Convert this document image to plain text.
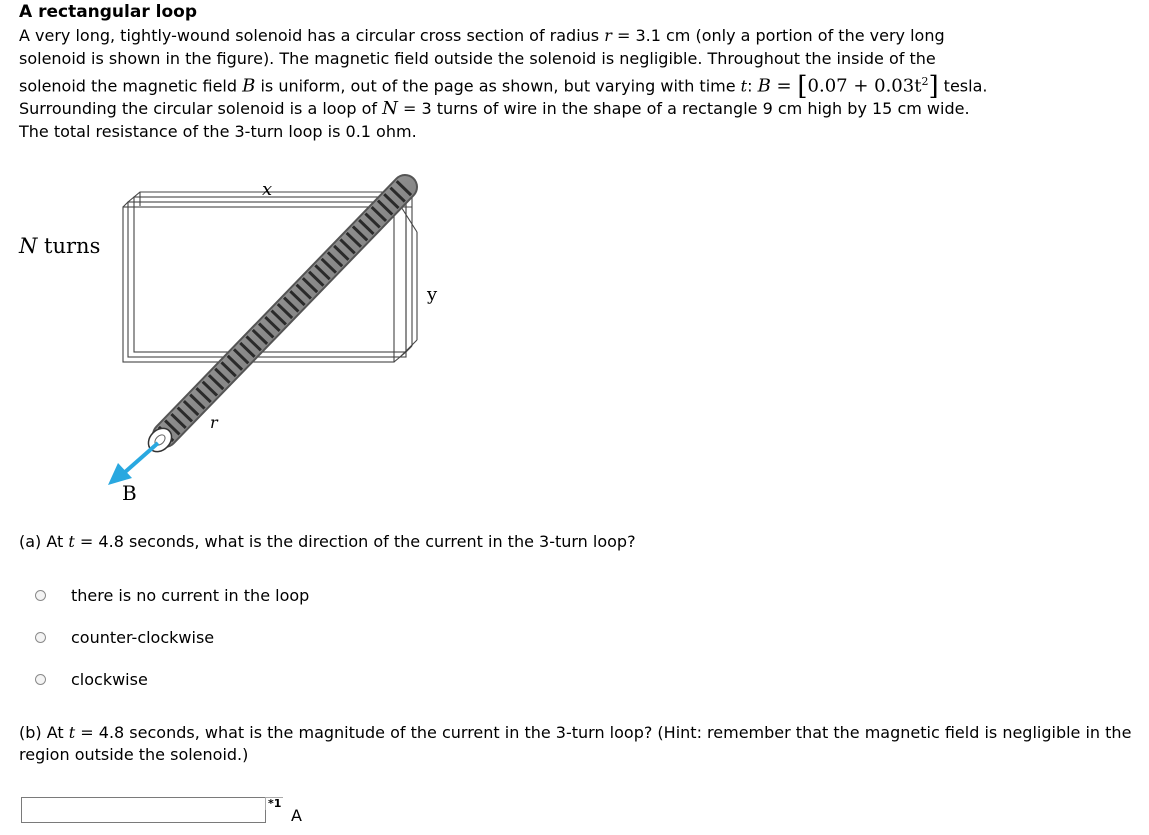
A rectangular loop
A very long, tightly-wound solenoid has a circular cross section of radius r = 3.1 cm (only a portion of the very long
solenoid is shown in the figure). The magnetic field outside the solenoid is negligible. Throughout the inside of the
solenoid the magnetic field B is uniform, out of the page as shown, but varying with time t: $B = [0.07 + 0.03t^2]$ tesla.
Surrounding the circular solenoid is a loop of N = 3 turns of wire in the shape of a rectangle 9 cm high by 15 cm wide.
The total resistance of the 3-turn loop is 0.1 ohm.
x
y
r
B
N turns
(a) At t = 4.8 seconds, what is the direction of the current in the 3-turn loop?
there is no current in the loop
counter-clockwise
clockwise
(b) At t = 4.8 seconds, what is the magnitude of the current in the 3-turn loop? (Hint: remember that the magnetic field is negligible in the region outside the solenoid.)
*1
A
